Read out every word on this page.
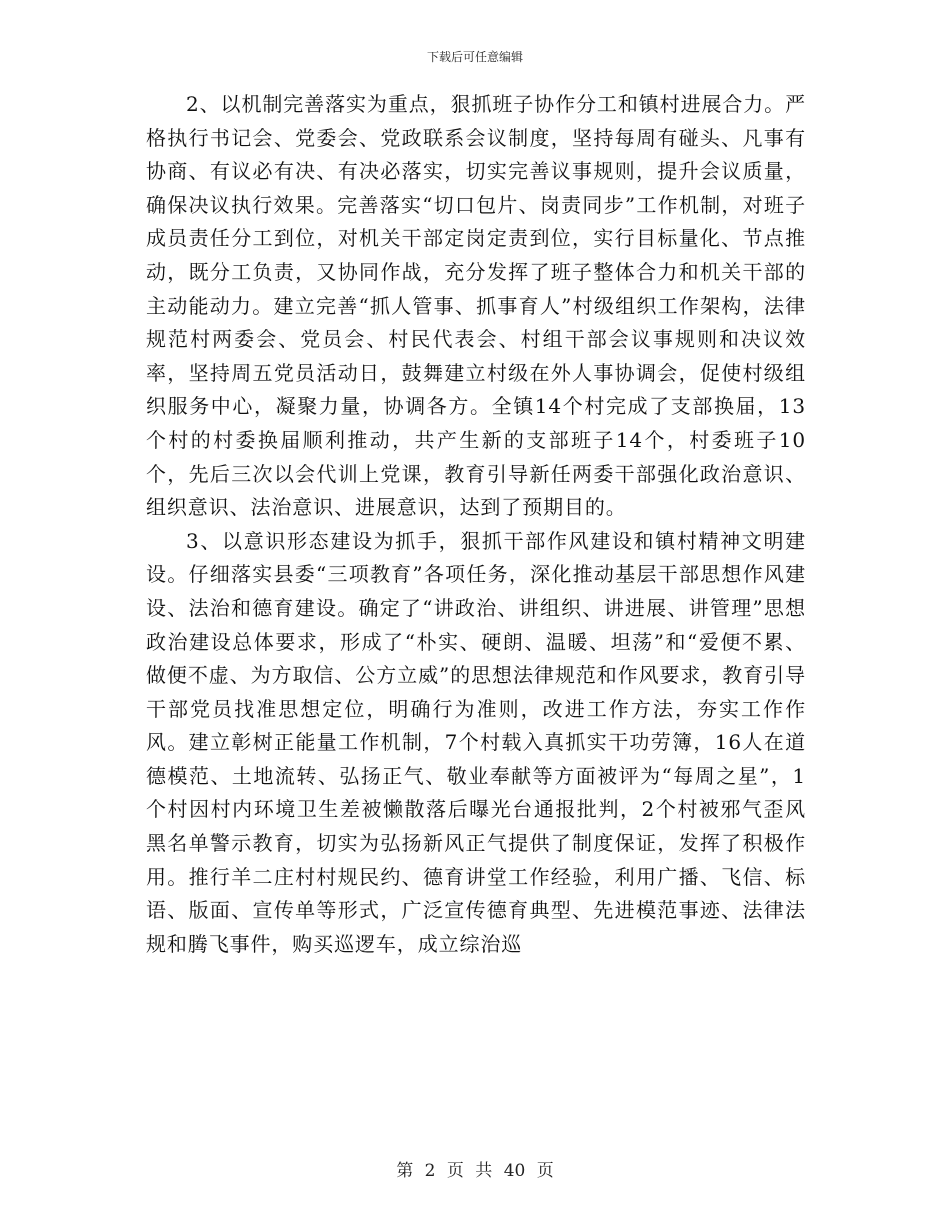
下载后可任意编辑

2、以机制完善落实为重点，狠抓班子协作分工和镇村进展合力。严格执行书记会、党委会、党政联系会议制度，坚持每周有碰头、凡事有协商、有议必有决、有决必落实，切实完善议事规则，提升会议质量，确保决议执行效果。完善落实“切口包片、岗责同步”工作机制，对班子成员责任分工到位，对机关干部定岗定责到位，实行目标量化、节点推动，既分工负责，又协同作战，充分发挥了班子整体合力和机关干部的主动能动力。建立完善“抓人管事、抓事育人”村级组织工作架构，法律规范村两委会、党员会、村民代表会、村组干部会议事规则和决议效率，坚持周五党员活动日，鼓舞建立村级在外人事协调会，促使村级组织服务中心，凝聚力量，协调各方。全镇14个村完成了支部换届，13个村的村委换届顺利推动，共产生新的支部班子14个，村委班子10个，先后三次以会代训上党课，教育引导新任两委干部强化政治意识、组织意识、法治意识、进展意识，达到了预期目的。

3、以意识形态建设为抓手，狠抓干部作风建设和镇村精神文明建设。仔细落实县委“三项教育”各项任务，深化推动基层干部思想作风建设、法治和德育建设。确定了“讲政治、讲组织、讲进展、讲管理”思想政治建设总体要求，形成了“朴实、硬朗、温暖、坦荡”和“爱便不累、做便不虚、为方取信、公方立威”的思想法律规范和作风要求，教育引导干部党员找准思想定位，明确行为准则，改进工作方法，夯实工作作风。建立彰树正能量工作机制，7个村载入真抓实干功劳簿，16人在道德模范、土地流转、弘扬正气、敬业奉献等方面被评为“每周之星”，1个村因村内环境卫生差被懒散落后曝光台通报批判，2个村被邪气歪风黑名单警示教育，切实为弘扬新风正气提供了制度保证，发挥了积极作用。推行羊二庄村村规民约、德育讲堂工作经验，利用广播、飞信、标语、版面、宣传单等形式，广泛宣传德育典型、先进模范事迹、法律法规和腾飞事件，购买巡逻车，成立综治巡

第 2 页 共 40 页
